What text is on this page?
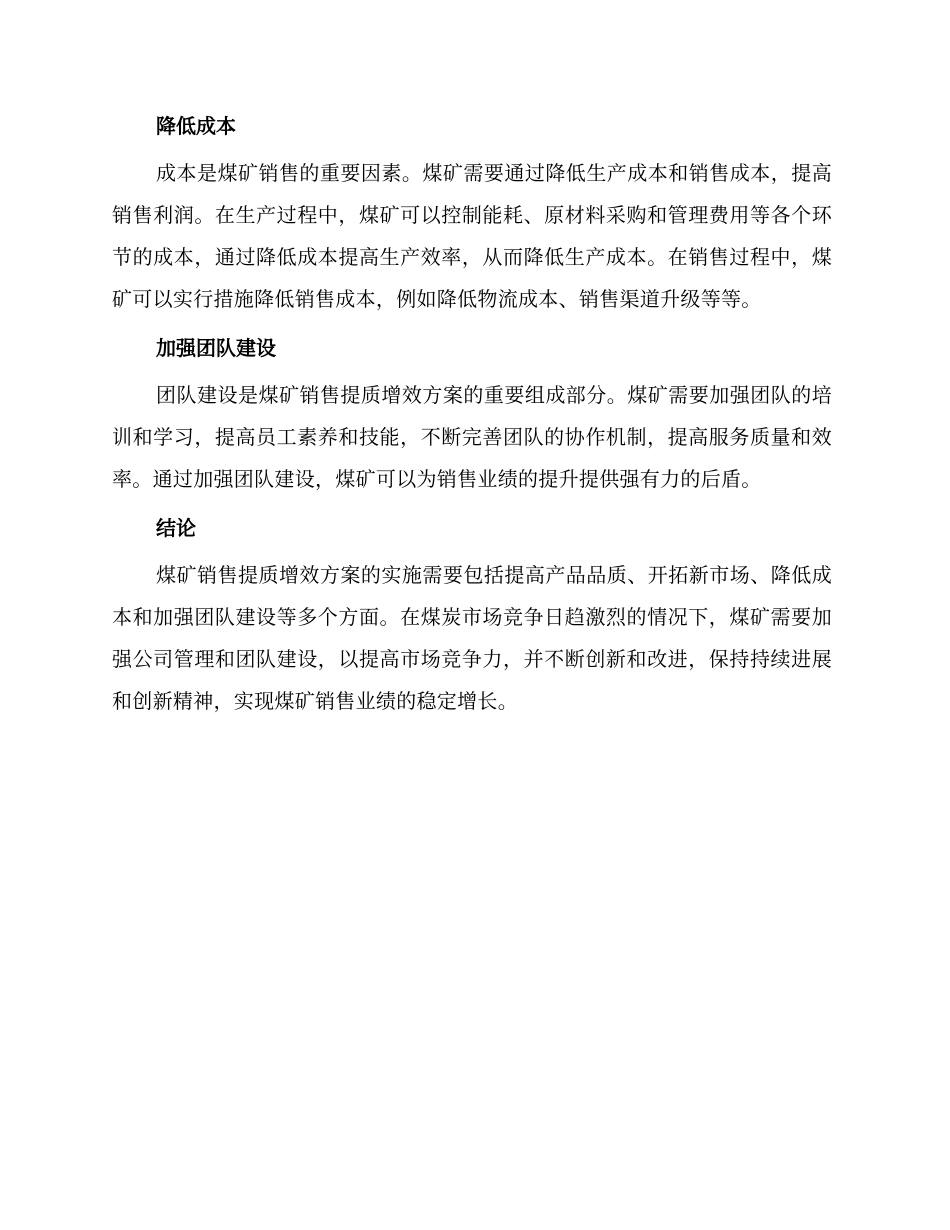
降低成本

成本是煤矿销售的重要因素。煤矿需要通过降低生产成本和销售成本，提高销售利润。在生产过程中，煤矿可以控制能耗、原材料采购和管理费用等各个环节的成本，通过降低成本提高生产效率，从而降低生产成本。在销售过程中，煤矿可以实行措施降低销售成本，例如降低物流成本、销售渠道升级等等。

加强团队建设

团队建设是煤矿销售提质增效方案的重要组成部分。煤矿需要加强团队的培训和学习，提高员工素养和技能，不断完善团队的协作机制，提高服务质量和效率。通过加强团队建设，煤矿可以为销售业绩的提升提供强有力的后盾。

结论

煤矿销售提质增效方案的实施需要包括提高产品品质、开拓新市场、降低成本和加强团队建设等多个方面。在煤炭市场竞争日趋激烈的情况下，煤矿需要加强公司管理和团队建设，以提高市场竞争力，并不断创新和改进，保持持续进展和创新精神，实现煤矿销售业绩的稳定增长。
